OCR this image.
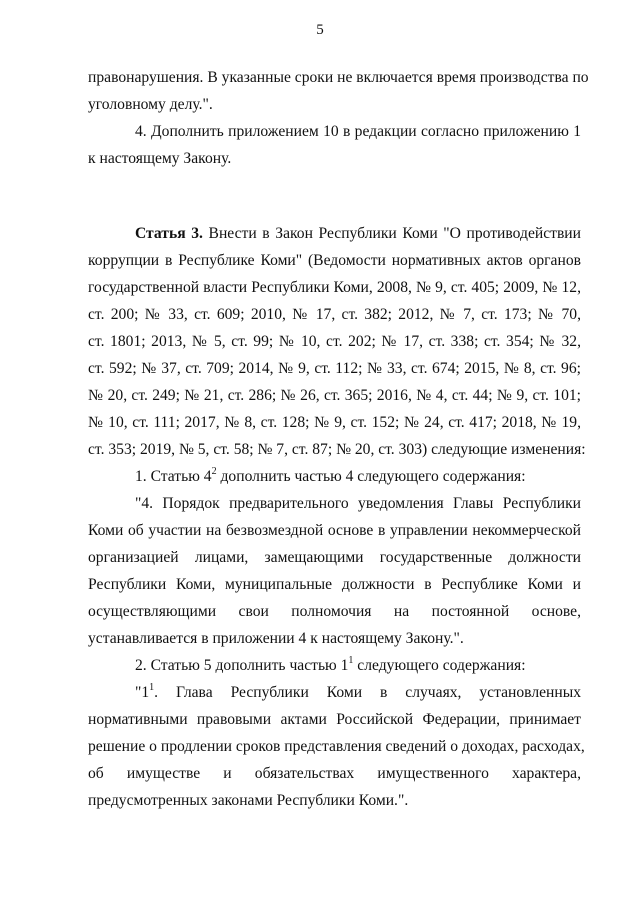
5
правонарушения. В указанные сроки не включается время производства по
уголовному делу.".
4. Дополнить приложением 10 в редакции согласно приложению 1
к настоящему Закону.
Статья 3. Внести в Закон Республики Коми "О противодействии
коррупции в Республике Коми" (Ведомости нормативных актов органов
государственной власти Республики Коми, 2008, № 9, ст. 405; 2009, № 12,
ст. 200; № 33, ст. 609; 2010, № 17, ст. 382; 2012, № 7, ст. 173; № 70,
ст. 1801; 2013, № 5, ст. 99; № 10, ст. 202; № 17, ст. 338; ст. 354; № 32,
ст. 592; № 37, ст. 709; 2014, № 9, ст. 112; № 33, ст. 674; 2015, № 8, ст. 96;
№ 20, ст. 249; № 21, ст. 286; № 26, ст. 365; 2016, № 4, ст. 44; № 9, ст. 101;
№ 10, ст. 111; 2017, № 8, ст. 128; № 9, ст. 152; № 24, ст. 417; 2018, № 19,
ст. 353; 2019, № 5, ст. 58; № 7, ст. 87; № 20, ст. 303) следующие изменения:
1. Статью $4^2$ дополнить частью 4 следующего содержания:
"4. Порядок предварительного уведомления Главы Республики
Коми об участии на безвозмездной основе в управлении некоммерческой
организацией лицами, замещающими государственные должности
Республики Коми, муниципальные должности в Республике Коми и
осуществляющими свои полномочия на постоянной основе,
устанавливается в приложении 4 к настоящему Закону.".
2. Статью 5 дополнить частью $1^1$ следующего содержания:
"$1^1$. Глава Республики Коми в случаях, установленных
нормативными правовыми актами Российской Федерации, принимает
решение о продлении сроков представления сведений о доходах, расходах,
об имуществе и обязательствах имущественного характера,
предусмотренных законами Республики Коми.".
